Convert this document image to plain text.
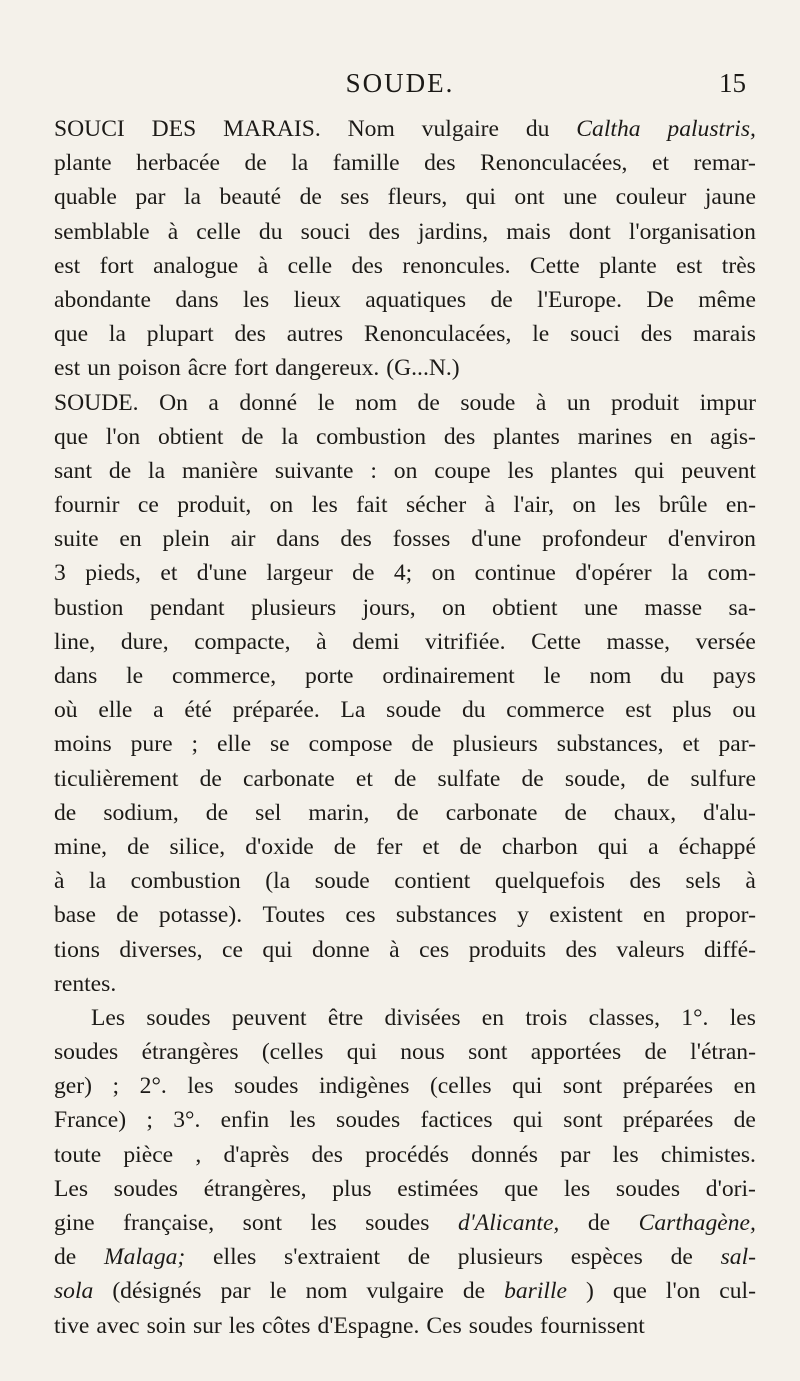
SOUDE.	15
SOUCI DES MARAIS. Nom vulgaire du Caltha palustris,
plante herbacée de la famille des Renonculacées, et remar-
quable par la beauté de ses fleurs, qui ont une couleur jaune
semblable à celle du souci des jardins, mais dont l'organisation
est fort analogue à celle des renoncules. Cette plante est très
abondante dans les lieux aquatiques de l'Europe. De même
que la plupart des autres Renonculacées, le souci des marais
est un poison âcre fort dangereux. (G...N.)
SOUDE. On a donné le nom de soude à un produit impur
que l'on obtient de la combustion des plantes marines en agis-
sant de la manière suivante : on coupe les plantes qui peuvent
fournir ce produit, on les fait sécher à l'air, on les brûle en-
suite en plein air dans des fosses d'une profondeur d'environ
3 pieds, et d'une largeur de 4; on continue d'opérer la com-
bustion pendant plusieurs jours, on obtient une masse sa-
line, dure, compacte, à demi vitrifiée. Cette masse, versée
dans le commerce, porte ordinairement le nom du pays
où elle a été préparée. La soude du commerce est plus ou
moins pure ; elle se compose de plusieurs substances, et par-
ticulièrement de carbonate et de sulfate de soude, de sulfure
de sodium, de sel marin, de carbonate de chaux, d'alu-
mine, de silice, d'oxide de fer et de charbon qui a échappé
à la combustion (la soude contient quelquefois des sels à
base de potasse). Toutes ces substances y existent en propor-
tions diverses, ce qui donne à ces produits des valeurs diffé-
rentes.
Les soudes peuvent être divisées en trois classes, 1°. les
soudes étrangères (celles qui nous sont apportées de l'étran-
ger) ; 2°. les soudes indigènes (celles qui sont préparées en
France) ; 3°. enfin les soudes factices qui sont préparées de
toute pièce , d'après des procédés donnés par les chimistes.
Les soudes étrangères, plus estimées que les soudes d'ori-
gine française, sont les soudes d'Alicante, de Carthagène,
de Malaga; elles s'extraient de plusieurs espèces de sal-
sola (désignés par le nom vulgaire de barille ) que l'on cul-
tive avec soin sur les côtes d'Espagne. Ces soudes fournissent
